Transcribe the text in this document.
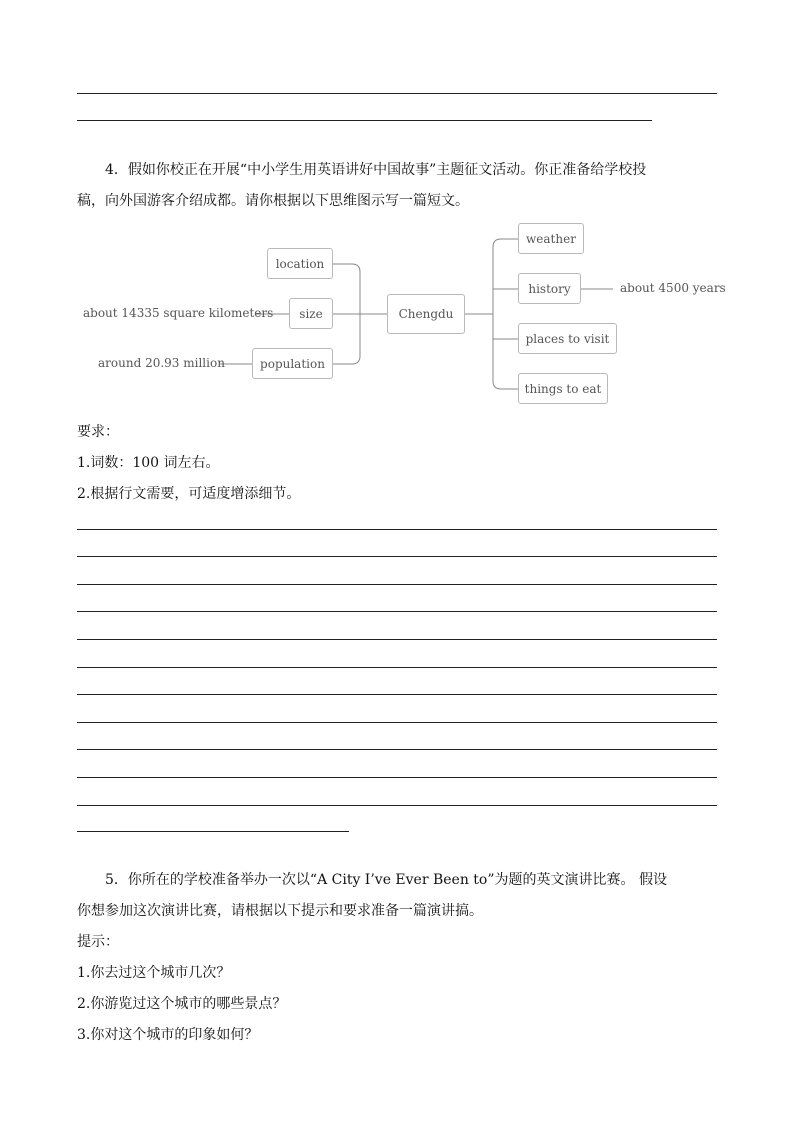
4．假如你校正在开展“中小学生用英语讲好中国故事”主题征文活动。你正准备给学校投

稿，向外国游客介绍成都。请你根据以下思维图示写一篇短文。

location
size
population
about 14335 square kilometers
around 20.93 million
Chengdu
weather
history
places to visit
things to eat
about 4500 years

要求：

1.词数：100 词左右。

2.根据行文需要，可适度增添细节。

5．你所在的学校准备举办一次以“A City I’ve Ever Been to”为题的英文演讲比赛。 假设

你想参加这次演讲比赛，请根据以下提示和要求准备一篇演讲搞。

提示：

1.你去过这个城市几次？

2.你游览过这个城市的哪些景点？

3.你对这个城市的印象如何？
